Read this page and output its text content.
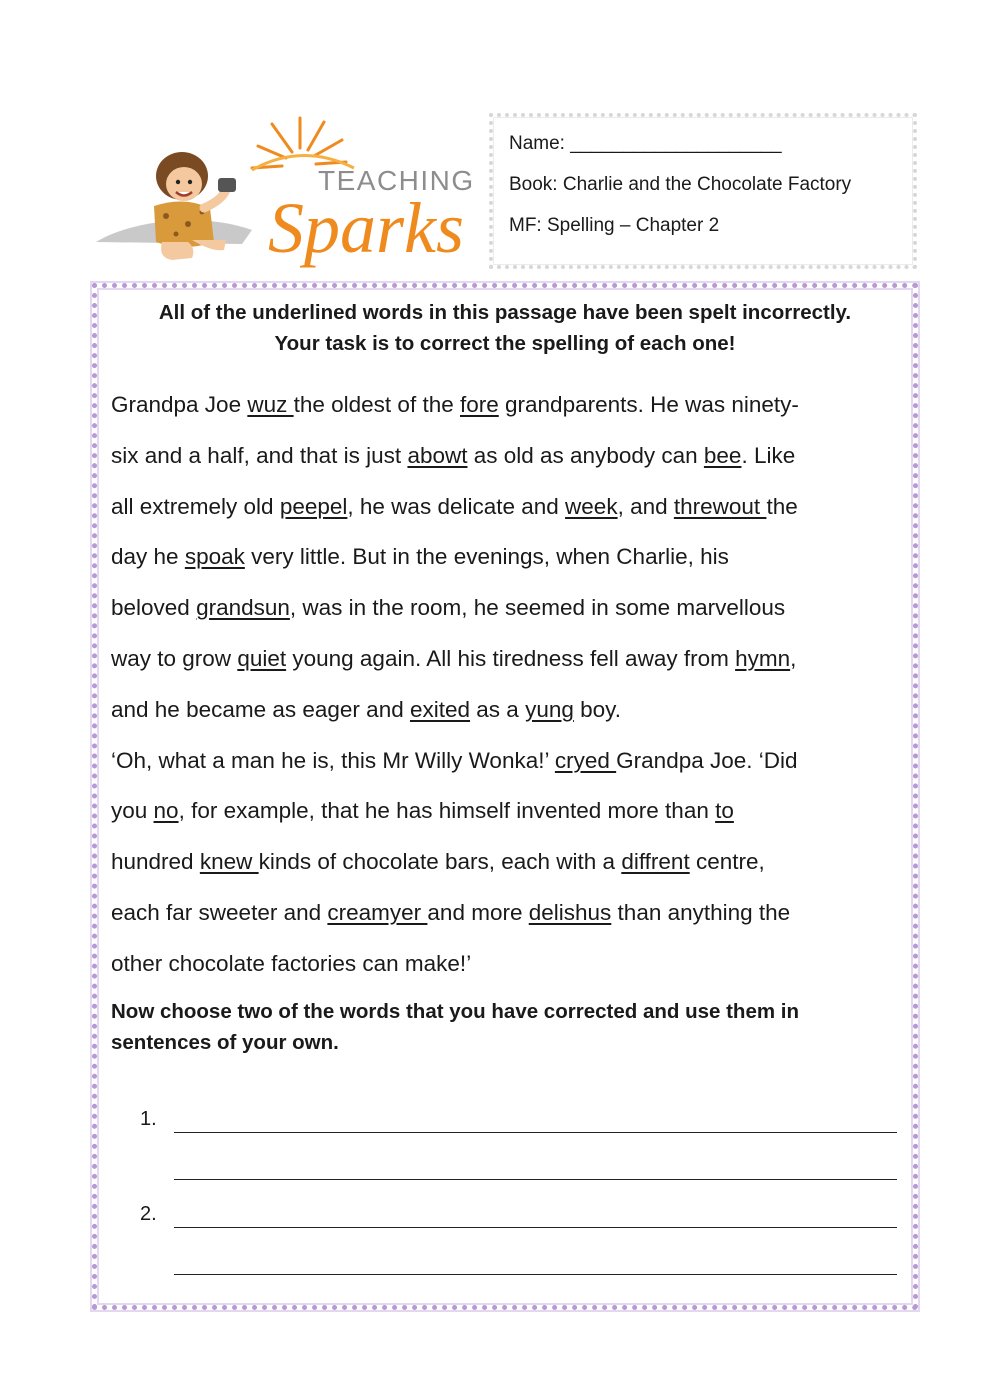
TEACHING
Sparks
Name: ____________________
Book: Charlie and the Chocolate Factory
MF: Spelling – Chapter 2
All of the underlined words in this passage have been spelt incorrectly.
Your task is to correct the spelling of each one!
Grandpa Joe wuz the oldest of the fore grandparents. He was ninety-
six and a half, and that is just abowt as old as anybody can bee. Like
all extremely old peepel, he was delicate and week, and threwout the
day he spoak very little. But in the evenings, when Charlie, his
beloved grandsun, was in the room, he seemed in some marvellous
way to grow quiet young again. All his tiredness fell away from hymn,
and he became as eager and exited as a yung boy.
‘Oh, what a man he is, this Mr Willy Wonka!’ cryed Grandpa Joe. ‘Did
you no, for example, that he has himself invented more than to
hundred knew kinds of chocolate bars, each with a diffrent centre,
each far sweeter and creamyer and more delishus than anything the
other chocolate factories can make!’
Now choose two of the words that you have corrected and use them in
sentences of your own.
1.
2.
